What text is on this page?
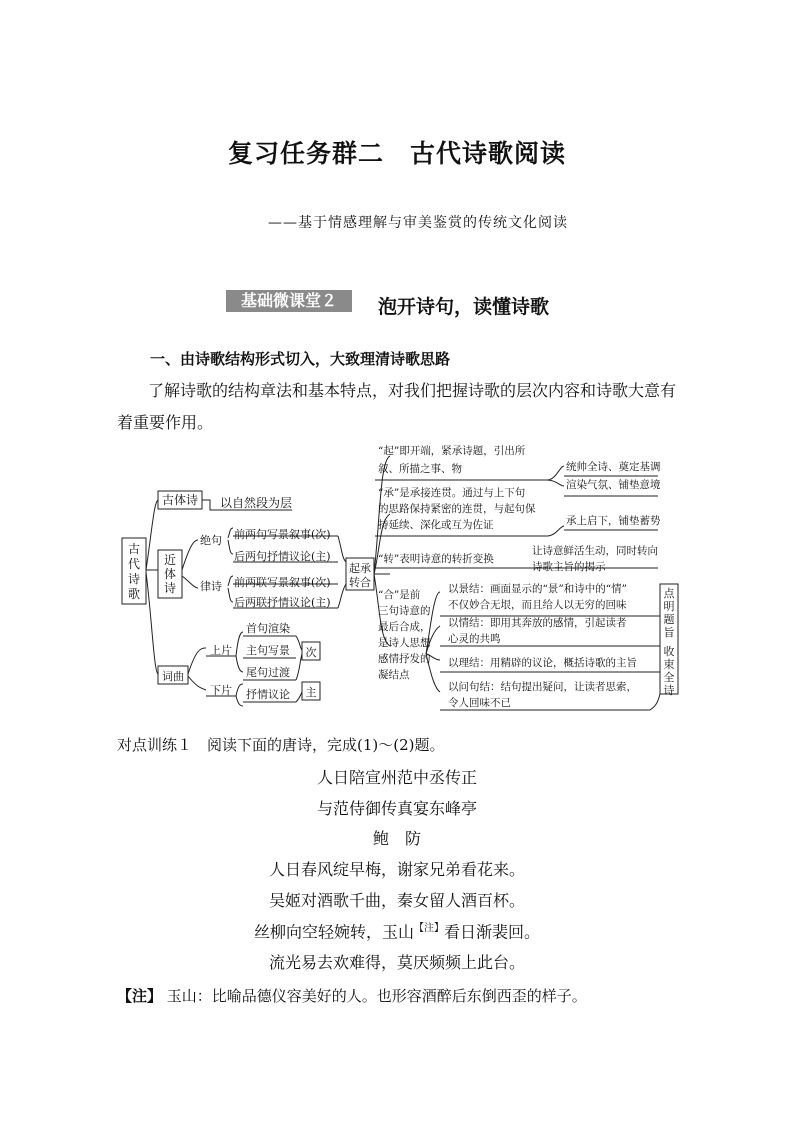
复习任务群二　古代诗歌阅读
——基于情感理解与审美鉴赏的传统文化阅读
基础微课堂２	泡开诗句，读懂诗歌
一、由诗歌结构形式切入，大致理清诗歌思路
了解诗歌的结构章法和基本特点，对我们把握诗歌的层次内容和诗歌大意有
着重要作用。
古
代
诗
歌
古体诗 以自然段为层
近
体
诗
绝句 前两句写景叙事(次)
后两句抒情议论(主)
律诗 前两联写景叙事(次)
后两联抒情议论(主)
起承
转合
词曲
上片
下片
首句渲染
主句写景
尾句过渡
抒情议论
次
主
“起”即开端，紧承诗题，引出所
叙、所描之事、物	统帅全诗、奠定基调
渲染气氛、铺垫意境
“承”是承接连贯。通过与上下句
的思路保持紧密的连贯，与起句保
持延续、深化或互为佐证	承上启下，铺垫蓄势
“转”表明诗意的转折变换
让诗意鲜活生动，同时转向
诗歌主旨的揭示
“合”是前
三句诗意的
最后合成，
是诗人思想
感情抒发的
凝结点
以景结：画面显示的“景”和诗中的“情”
不仅妙合无垠，而且给人以无穷的回味
以情结：即用其奔放的感情，引起读者
心灵的共鸣
以理结：用精辟的议论，概括诗歌的主旨
以问句结：结句提出疑问，让读者思索，
令人回味不已
点
明
题
旨
收
束
全
诗
对点训练１　阅读下面的唐诗，完成(1)～(2)题。
人日陪宣州范中丞传正
与范侍御传真宴东峰亭
鲍　防
人日春风绽早梅，谢家兄弟看花来。
吴姬对酒歌千曲，秦女留人酒百杯。
丝柳向空轻婉转，玉山$^{【注】}$看日渐裴回。
流光易去欢难得，莫厌频频上此台。
【注】 玉山：比喻品德仪容美好的人。也形容酒醉后东倒西歪的样子。
